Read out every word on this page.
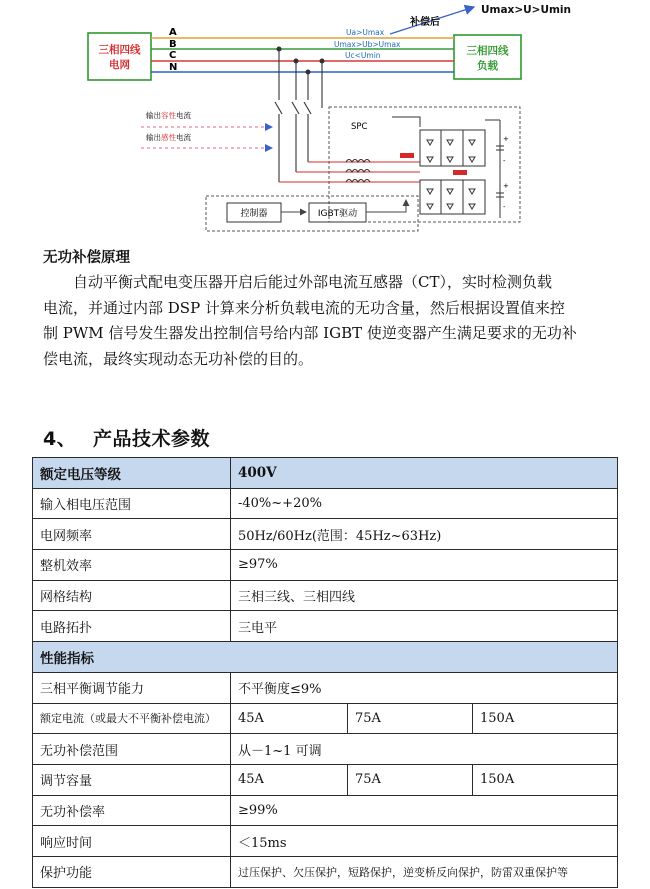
三相四线
电网
三相四线
负载
A
B
C
N
Ua>Umax
Umax>Ub>Umax
Uc<Umin
补偿后
Umax>U>Umin
输出容性电流
输出感性电流
SPC
+
-
+
-
控制器	IGBT驱动
无功补偿原理

自动平衡式配电变压器开启后能过外部电流互感器（CT），实时检测负载

电流，并通过内部 DSP 计算来分析负载电流的无功含量，然后根据设置值来控

制 PWM 信号发生器发出控制信号给内部 IGBT 使逆变器产生满足要求的无功补

偿电流，最终实现动态无功补偿的目的。

4、 产品技术参数
额定电压等级	400V		
输入相电压范围	-40%~+20%		
电网频率	50Hz/60Hz(范围：45Hz~63Hz)		
整机效率	≥97%		
网格结构	三相三线、三相四线		
电路拓扑	三电平		
性能指标			
三相平衡调节能力	不平衡度≤9%		
额定电流（或最大不平衡补偿电流）	45A	75A	150A
无功补偿范围	从－1~1 可调		
调节容量	45A	75A	150A
无功补偿率	≥99%		
响应时间	＜15ms		
保护功能	过压保护、欠压保护，短路保护，逆变桥反向保护，防雷双重保护等		
